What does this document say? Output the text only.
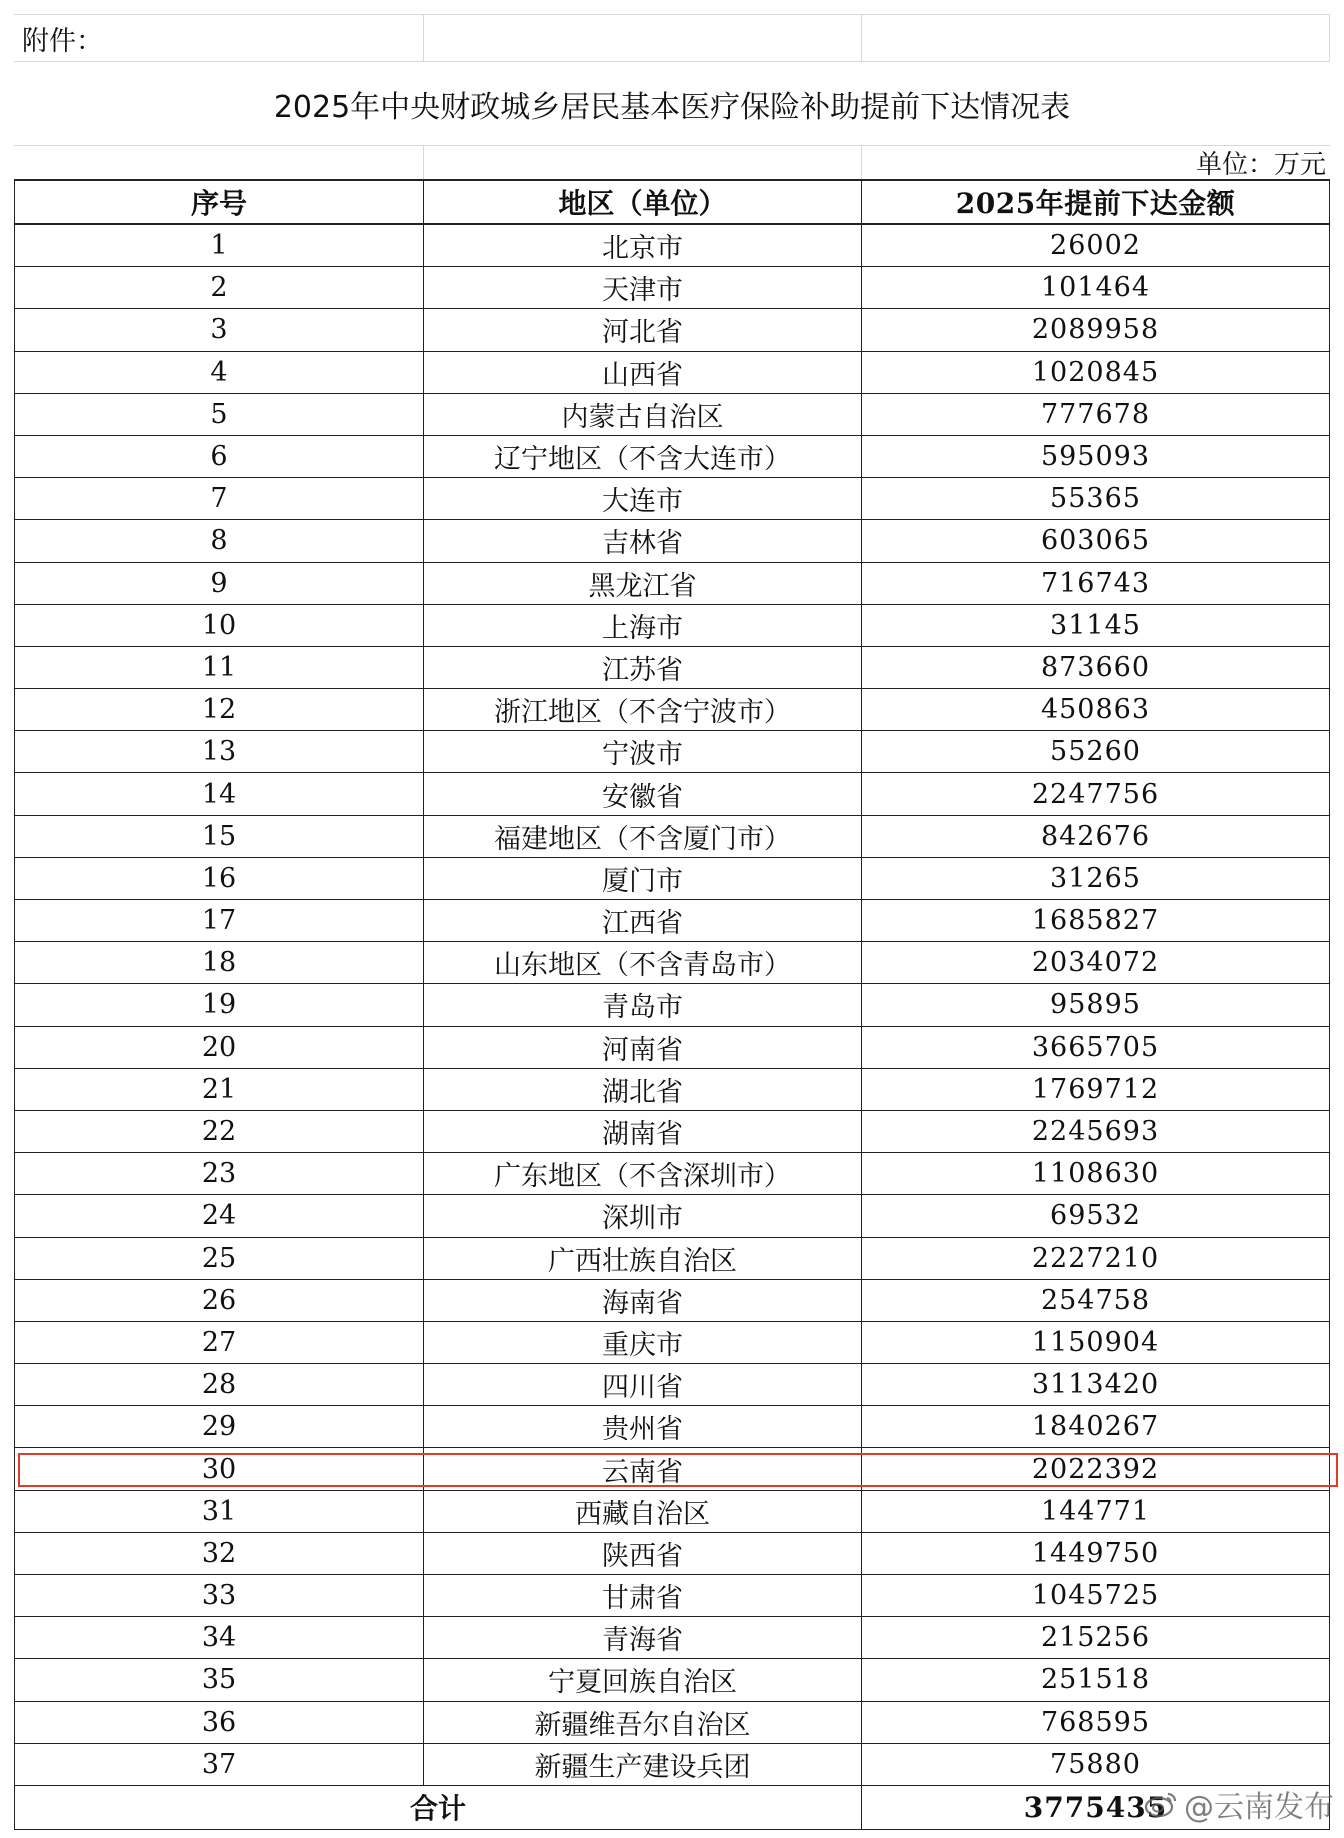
附件：
2025年中央财政城乡居民基本医疗保险补助提前下达情况表
单位：万元
序号	地区（单位）	2025年提前下达金额
1	北京市	26002
2	天津市	101464
3	河北省	2089958
4	山西省	1020845
5	内蒙古自治区	777678
6	辽宁地区（不含大连市）	595093
7	大连市	55365
8	吉林省	603065
9	黑龙江省	716743
10	上海市	31145
11	江苏省	873660
12	浙江地区（不含宁波市）	450863
13	宁波市	55260
14	安徽省	2247756
15	福建地区（不含厦门市）	842676
16	厦门市	31265
17	江西省	1685827
18	山东地区（不含青岛市）	2034072
19	青岛市	95895
20	河南省	3665705
21	湖北省	1769712
22	湖南省	2245693
23	广东地区（不含深圳市）	1108630
24	深圳市	69532
25	广西壮族自治区	2227210
26	海南省	254758
27	重庆市	1150904
28	四川省	3113420
29	贵州省	1840267
30	云南省	2022392
31	西藏自治区	144771
32	陕西省	1449750
33	甘肃省	1045725
34	青海省	215256
35	宁夏回族自治区	251518
36	新疆维吾尔自治区	768595
37	新疆生产建设兵团	75880
合计	3775435 @云南发布
